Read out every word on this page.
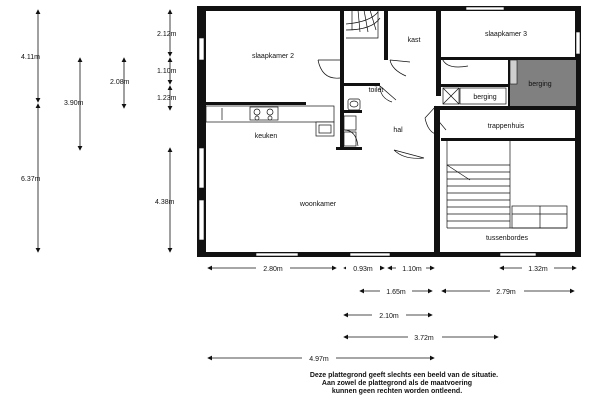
slaapkamer 2
kast
slaapkamer 3
berging
toilet
berging
keuken
hal
trappenhuis
woonkamer
tussenbordes
4.11m
6.37m
3.90m
2.08m
2.12m
1.10m
1.23m
4.38m
2.80m	0.93m	1.10m	1.32m
1.65m	2.79m
2.10m
3.72m
4.97m
Deze plattegrond geeft slechts een beeld van de situatie.
Aan zowel de plattegrond als de maatvoering
kunnen geen rechten worden ontleend.
